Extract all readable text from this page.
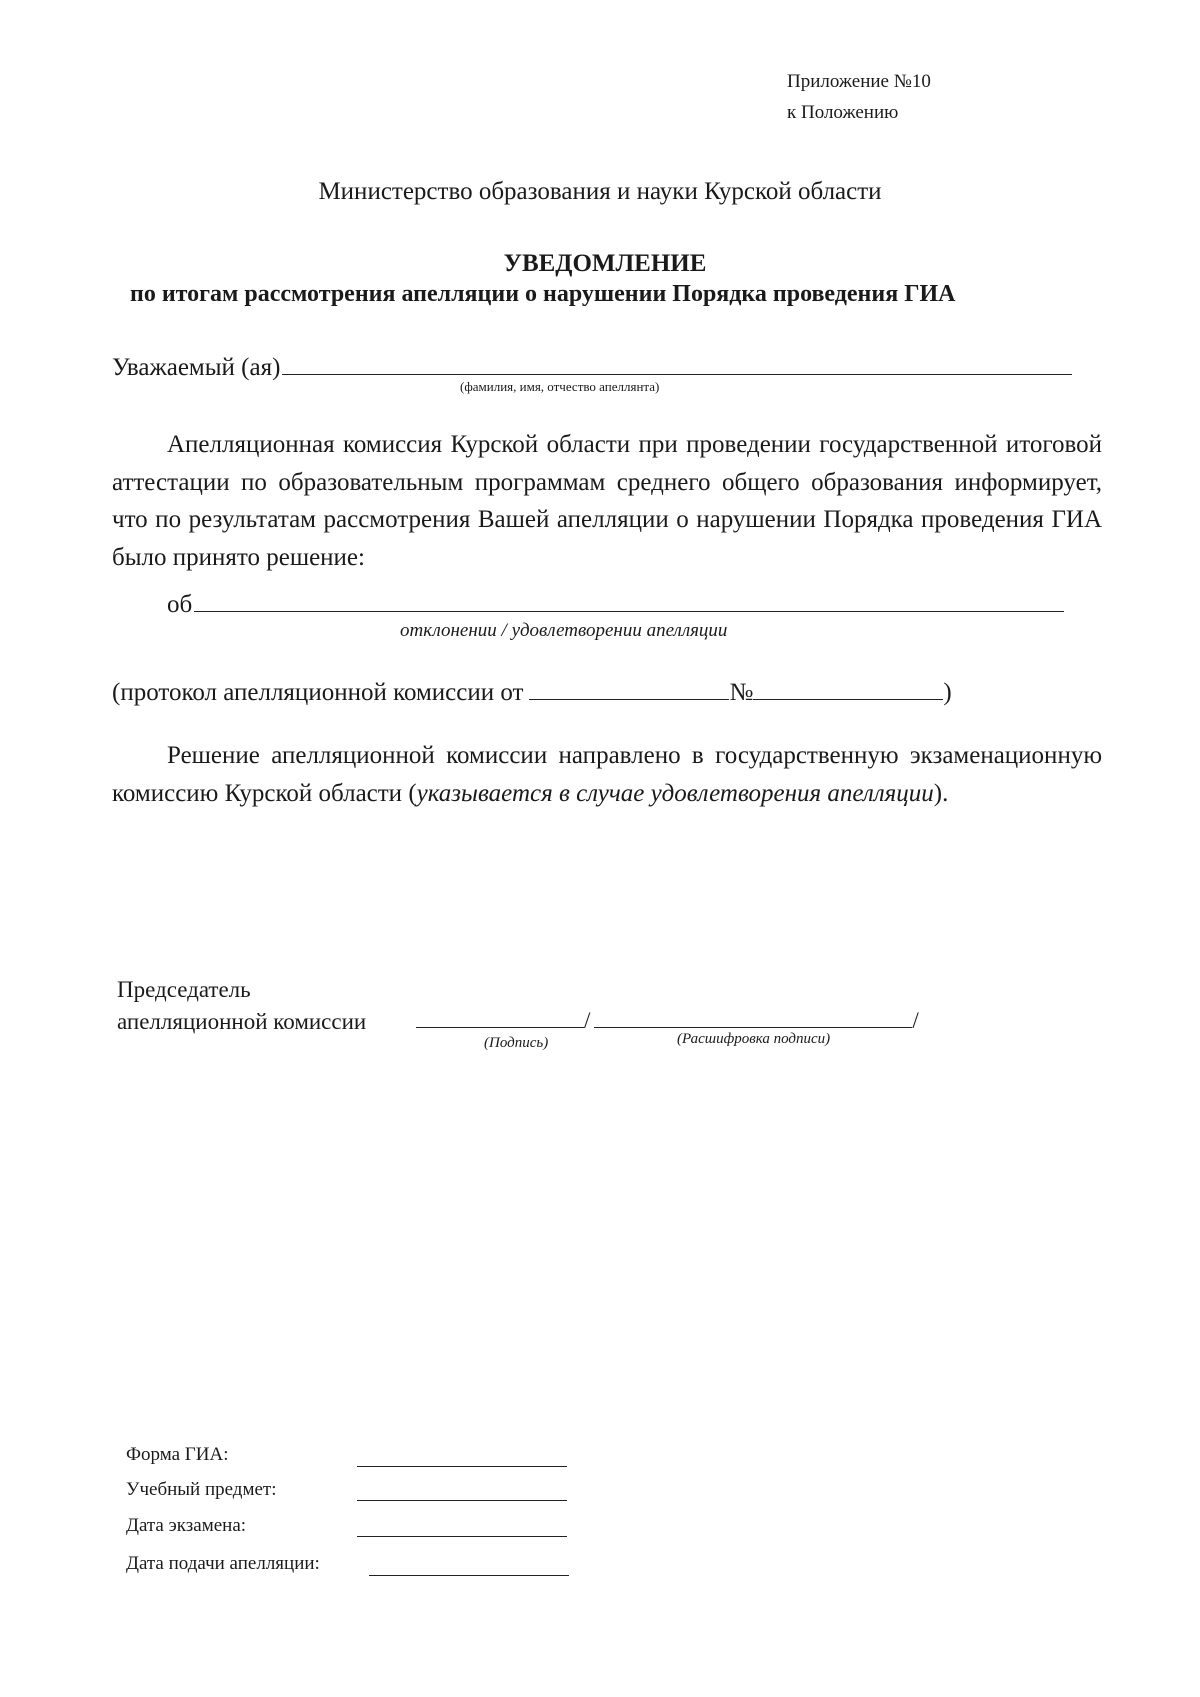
Приложение №10
к Положению
Министерство образования и науки Курской области
УВЕДОМЛЕНИЕ
по итогам рассмотрения апелляции о нарушении Порядка проведения ГИА
Уважаемый (ая)
(фамилия, имя, отчество апеллянта)
Апелляционная комиссия Курской области при проведении государственной итоговой аттестации по образовательным программам среднего общего образования информирует, что по результатам рассмотрения Вашей апелляции о нарушении Порядка проведения ГИА было принято решение:
об
отклонении / удовлетворении апелляции
(протокол апелляционной комиссии от	№	)
Решение апелляционной комиссии направлено в государственную экзаменационную комиссию Курской области (указывается в случае удовлетворения апелляции).
Председатель
апелляционной комиссии	/	/
(Подпись)	(Расшифровка подписи)
Форма ГИА:
Учебный предмет:
Дата экзамена:
Дата подачи апелляции:
